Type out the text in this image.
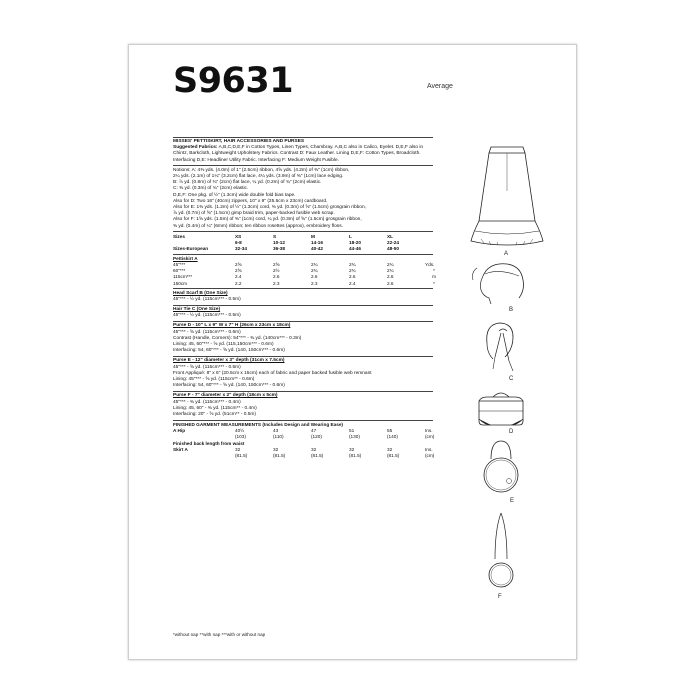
S9631	Average

MISSES' PETTISKIRT, HAIR ACCESSORIES AND PURSES

Suggested Fabrics: A,B,C,D,E,F in Cotton Types, Linen Types, Chambray. A,B,C also in Calico, Eyelet. D,E,F also in Chintz, Barkcloth, Lightweight Upholstery Fabrics. Contrast D: Faux Leather. Lining D,E,F: Cotton Types, Broadcloth. Interfacing D,E: Headliner Utility Fabric. Interfacing F: Medium Weight Fusible.

Notions: A: 4⅜ yds. (4.0m) of 1" (2.5cm) ribbon, 4⅝ yds. (4.2m) of ⅜" (1cm) ribbon,

2¼ yds. (2.1m) of 1¼" (3.2cm) flat lace, 4¼ yds. (3.9m) of ⅜" (1cm) lace edging.

B: ⅞ yd. (0.8m) of ¾" (2cm) flat lace, ¼ yd. (0.2m) of ¾" (2cm) elastic.

C: ⅜ yd. (0.3m) of ¾" (2cm) elastic.

D,E,F: One pkg. of ½" (1.3cm) wide double fold bias tape.

Also for D: Two 16" (40cm) zippers, 10" x 9" (25.5cm x 23cm) cardboard.

Also for E: 1⅜ yds. (1.2m) of ½" (1.3cm) cord, ⅜ yd. (0.3m) of ⅝" (1.5cm) grosgrain ribbon,

⅞ yd. (0.7m) of ⅝" (1.5cm) gimp braid trim, paper-backed fusible web scrap.

Also for F: 1⅝ yds. (1.5m) of ⅜" (1cm) cord, ¼ yd. (0.3m) of ⅝" (1.5cm) grosgrain ribbon,

⅜ yd. (0.4m) of ¼" (6mm) ribbon; ten ribbon rosettes (approx), embroidery floss.

Sizes	XS	S	M	L	XL	
	6-8	10-12	14-16	18-20	22-24	
Sizes-European	32-34	36-38	40-42	44-46	48-50	
Pettiskirt A						
45"***	2⅝	2⅝	2¾	2¾	2¾	Yds.
60"***	2⅝	2½	2¾	2¾	2¾	*
115cm***	2.4	2.6	2.6	2.6	2.6	m
150cm	2.2	2.3	2.3	2.4	2.6	*

Head Scarf B (One Size)

45"*** - ½ yd. (115cm*** - 0.5m)

Hair Tie C (One Size)

45"*** - ½ yd. (115cm*** - 0.5m)

Purse D - 10" L x 9" W x 7" H (26cm x 23cm x 18cm)

45"*** - ⅝ yd. (115cm*** - 0.6m)

Contrast (Handle, Corners): 54"*** - ⅜ yd. (140cm*** - 0.3m)

Lining: 45, 60"*** - ⅝ yd. (115,150cm*** - 0.6m)

Interfacing: 54, 60"*** - ⅝ yd. (140, 150cm*** - 0.6m)

Purse E - 12" diameter x 3" depth (31cm x 7.5cm)

45"*** - ⅝ yd. (115cm*** - 0.6m)

Front Appliqué: 8" x 6" (20.5cm x 15cm) each of fabric and paper backed fusible web remnant

Lining: 45"*** - ⅝ yd. (115cm** - 0.6m)

Interfacing: 54, 60"*** - ⅝ yd. (140, 150cm*** - 0.6m)

Purse F - 7" diameter x 2" depth (18cm x 5cm)

45"*** - ⅜ yd. (115cm*** - 0.4m)

Lining: 45, 60" - ⅜ yd. (115cm** - 0.4m)

Interfacing: 20" - ⅝ yd. (51cm** - 0.5m)

FINISHED GARMENT MEASUREMENTS (Includes Design and Wearing Ease)						
A Hip	40½	43	47	51	55	Ins.
	(103)	(110)	(120)	(130)	(140)	(cm)
Finished back length from waist						
Skirt A	32	32	32	32	32	Ins.
	(81.5)	(81.5)	(81.5)	(81.5)	(81.5)	(cm)
*without nap **with nap ***with or without nap
A
B
C
D
E
F
